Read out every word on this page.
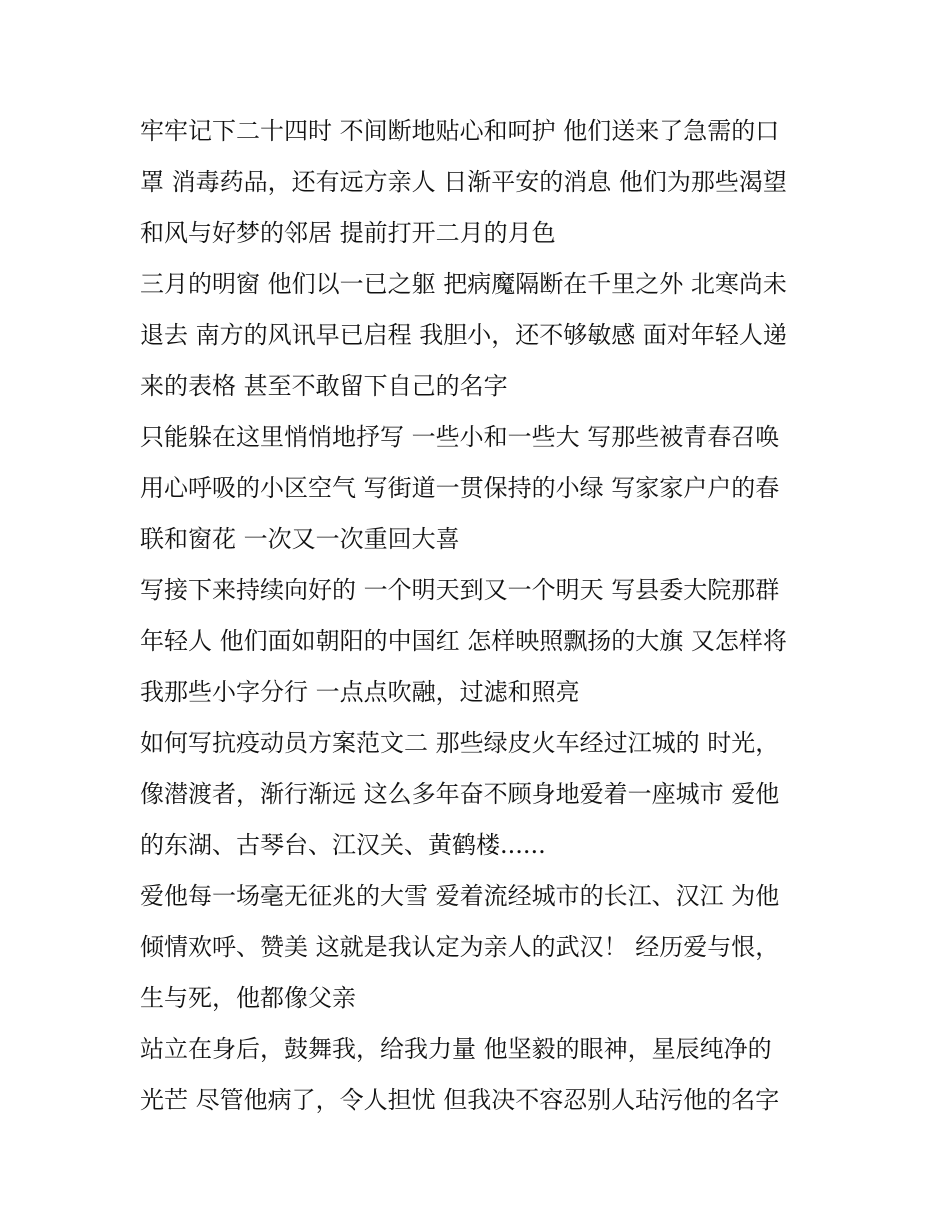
牢牢记下二十四时 不间断地贴心和呵护 他们送来了急需的口
罩 消毒药品，还有远方亲人 日渐平安的消息 他们为那些渴望
和风与好梦的邻居 提前打开二月的月色
三月的明窗 他们以一已之躯 把病魔隔断在千里之外 北寒尚未
退去 南方的风讯早已启程 我胆小，还不够敏感 面对年轻人递
来的表格 甚至不敢留下自己的名字
只能躲在这里悄悄地抒写 一些小和一些大 写那些被青春召唤
用心呼吸的小区空气 写街道一贯保持的小绿 写家家户户的春
联和窗花 一次又一次重回大喜
写接下来持续向好的 一个明天到又一个明天 写县委大院那群
年轻人 他们面如朝阳的中国红 怎样映照飘扬的大旗 又怎样将
我那些小字分行 一点点吹融，过滤和照亮
如何写抗疫动员方案范文二 那些绿皮火车经过江城的 时光，
像潜渡者，渐行渐远 这么多年奋不顾身地爱着一座城市 爱他
的东湖、古琴台、江汉关、黄鹤楼......
爱他每一场毫无征兆的大雪 爱着流经城市的长江、汉江 为他
倾情欢呼、赞美 这就是我认定为亲人的武汉！ 经历爱与恨，
生与死，他都像父亲
站立在身后，鼓舞我，给我力量 他坚毅的眼神，星辰纯净的
光芒 尽管他病了，令人担忧 但我决不容忍别人玷污他的名字
